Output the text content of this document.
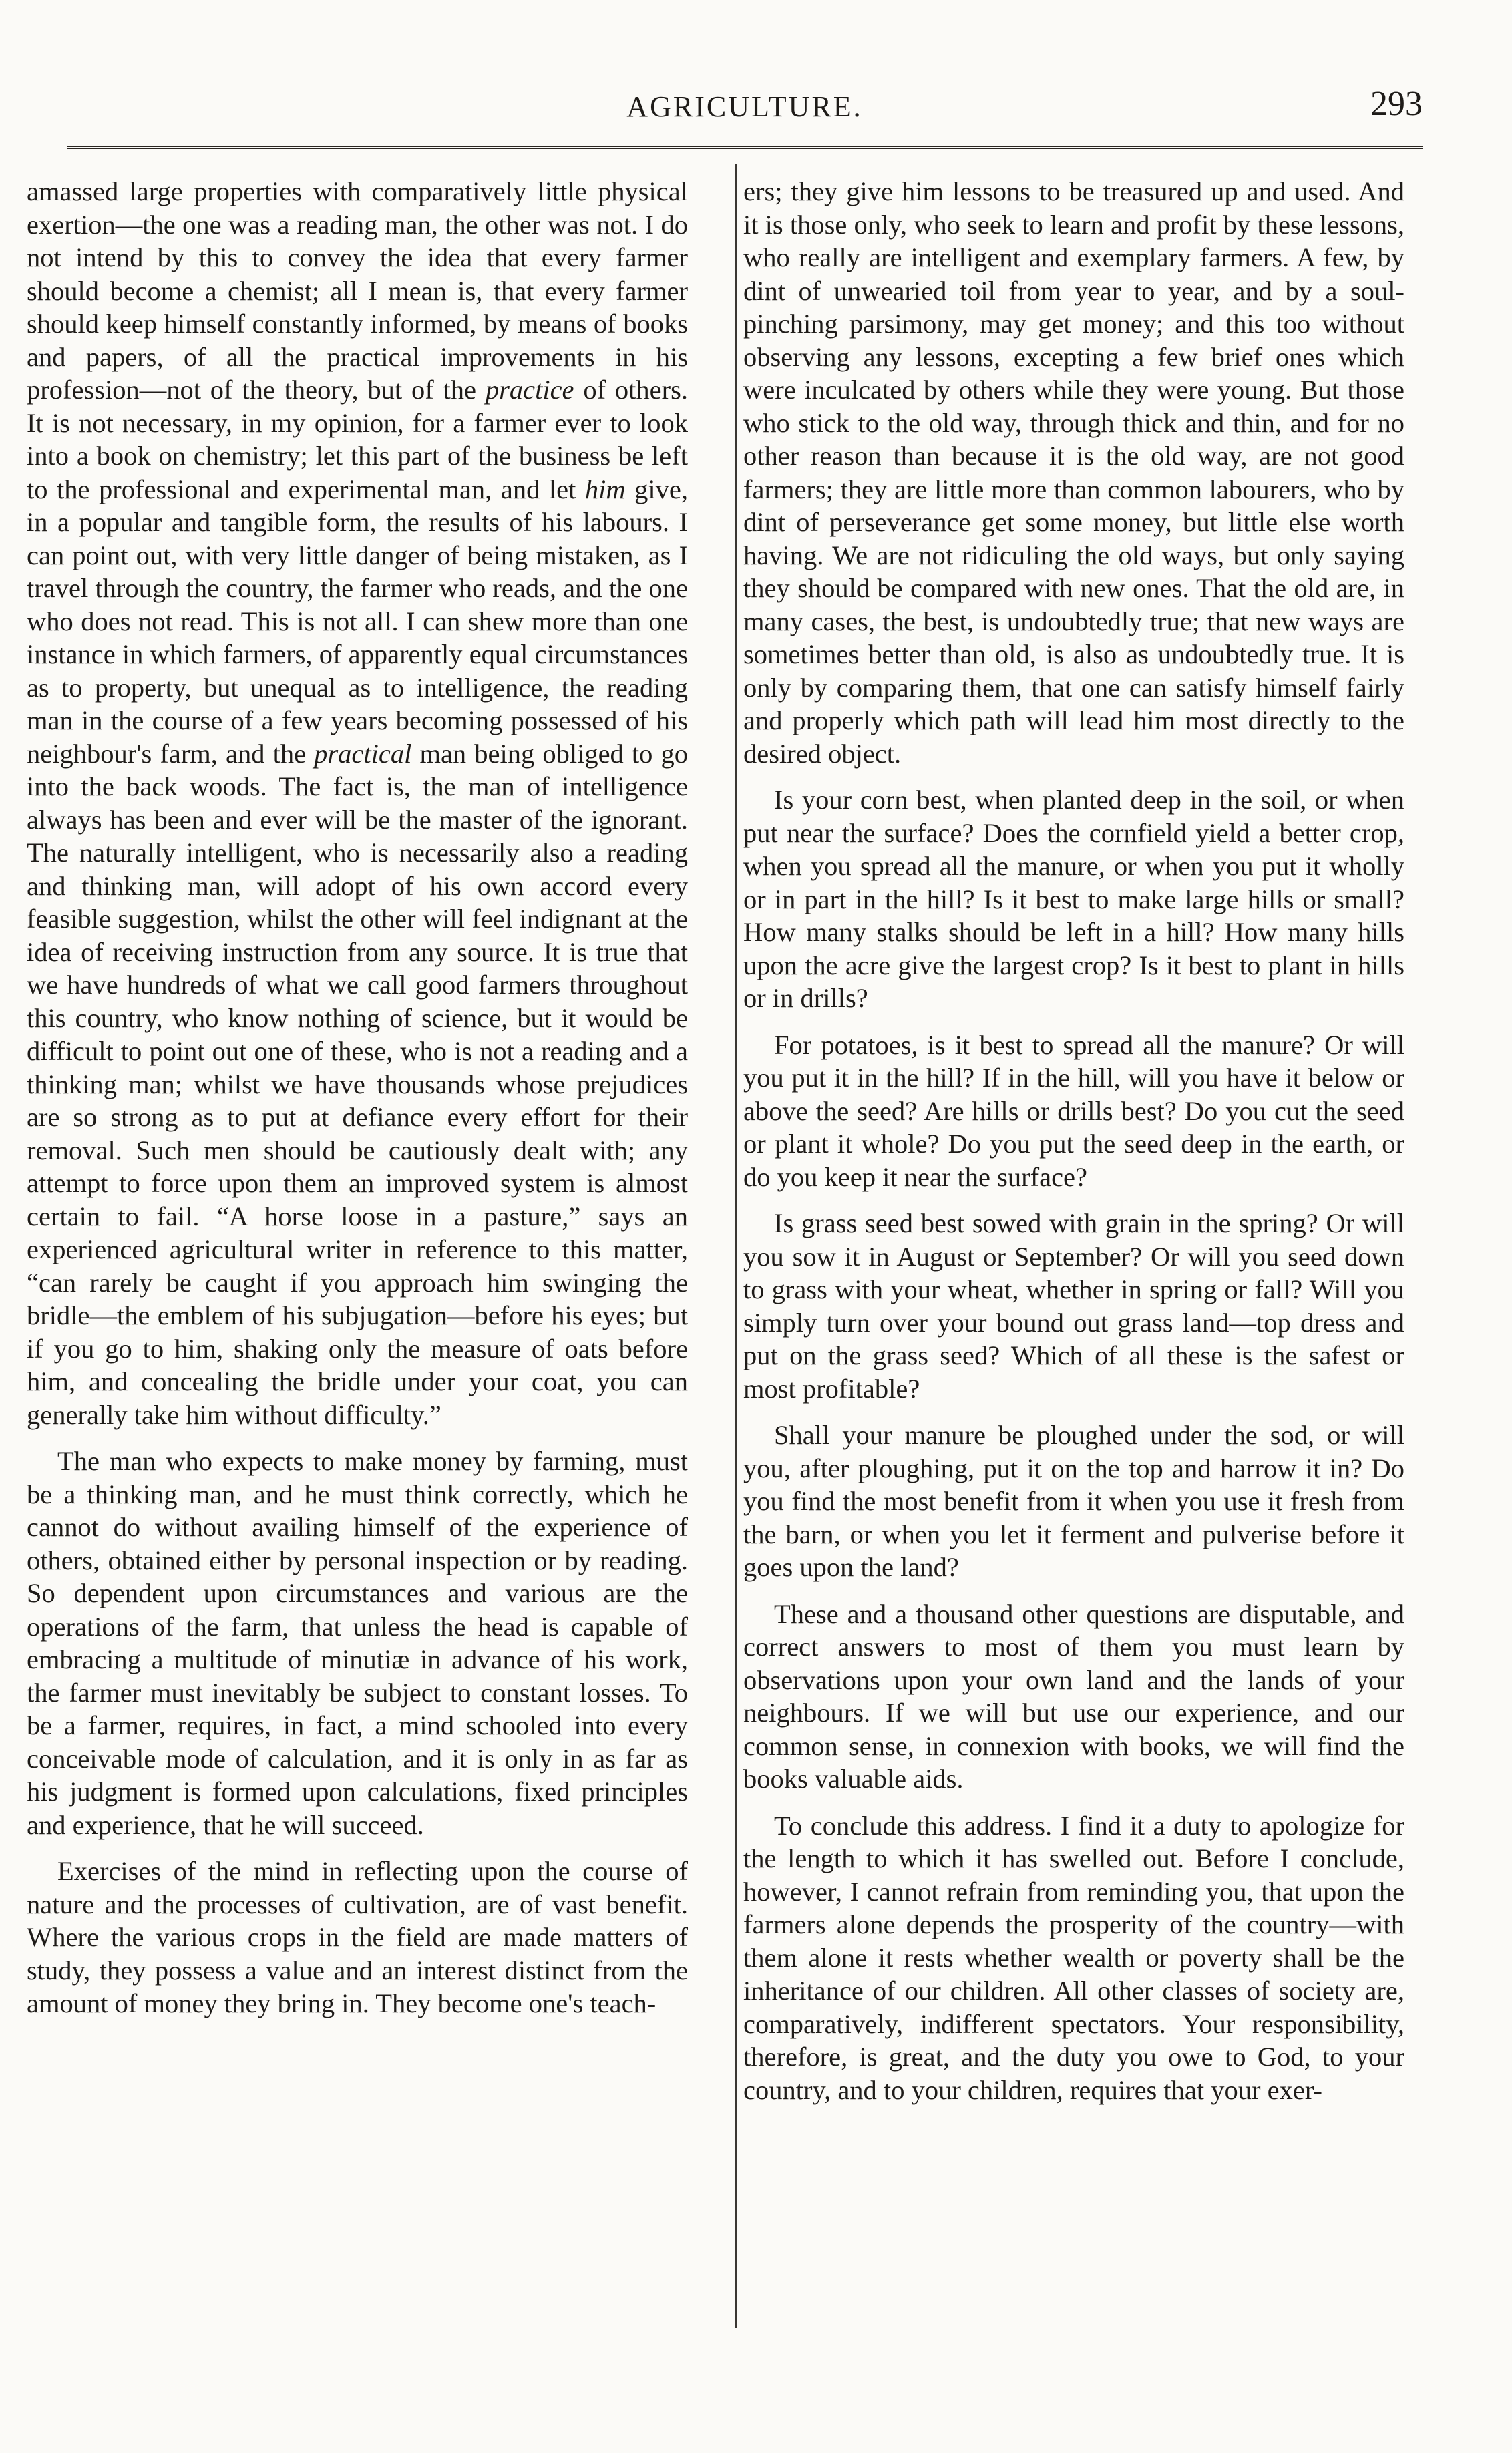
AGRICULTURE.	293

amassed large properties with comparatively little physical exertion—the one was a reading man, the other was not. I do not intend by this to convey the idea that every farmer should become a chemist; all I mean is, that every farmer should keep himself constantly informed, by means of books and papers, of all the practical improvements in his profession—not of the theory, but of the practice of others. It is not necessary, in my opinion, for a farmer ever to look into a book on chemistry; let this part of the business be left to the professional and experimental man, and let him give, in a popular and tangible form, the results of his labours. I can point out, with very little danger of being mistaken, as I travel through the country, the farmer who reads, and the one who does not read. This is not all. I can shew more than one instance in which farmers, of apparently equal circumstances as to property, but unequal as to intelligence, the reading man in the course of a few years becoming possessed of his neighbour's farm, and the practical man being obliged to go into the back woods. The fact is, the man of intelligence always has been and ever will be the master of the ignorant. The naturally intelligent, who is necessarily also a reading and thinking man, will adopt of his own accord every feasible suggestion, whilst the other will feel indignant at the idea of receiving instruction from any source. It is true that we have hundreds of what we call good farmers throughout this country, who know nothing of science, but it would be difficult to point out one of these, who is not a reading and a thinking man; whilst we have thousands whose prejudices are so strong as to put at defiance every effort for their removal. Such men should be cautiously dealt with; any attempt to force upon them an improved system is almost certain to fail. “A horse loose in a pasture,” says an experienced agricultural writer in reference to this matter, “can rarely be caught if you approach him swinging the bridle—the emblem of his subjugation—before his eyes; but if you go to him, shaking only the measure of oats before him, and concealing the bridle under your coat, you can generally take him without difficulty.”

The man who expects to make money by farming, must be a thinking man, and he must think correctly, which he cannot do without availing himself of the experience of others, obtained either by personal inspection or by reading. So dependent upon circumstances and various are the operations of the farm, that unless the head is capable of embracing a multitude of minutiæ in advance of his work, the farmer must inevitably be subject to constant losses. To be a farmer, requires, in fact, a mind schooled into every conceivable mode of calculation, and it is only in as far as his judgment is formed upon calculations, fixed principles and experience, that he will succeed.

Exercises of the mind in reflecting upon the course of nature and the processes of cultivation, are of vast benefit. Where the various crops in the field are made matters of study, they possess a value and an interest distinct from the amount of money they bring in. They become one's teach-

ers; they give him lessons to be treasured up and used. And it is those only, who seek to learn and profit by these lessons, who really are intelligent and exemplary farmers. A few, by dint of unwearied toil from year to year, and by a soul-pinching parsimony, may get money; and this too without observing any lessons, excepting a few brief ones which were inculcated by others while they were young. But those who stick to the old way, through thick and thin, and for no other reason than because it is the old way, are not good farmers; they are little more than common labourers, who by dint of perseverance get some money, but little else worth having. We are not ridiculing the old ways, but only saying they should be compared with new ones. That the old are, in many cases, the best, is undoubtedly true; that new ways are sometimes better than old, is also as undoubtedly true. It is only by comparing them, that one can satisfy himself fairly and properly which path will lead him most directly to the desired object.

Is your corn best, when planted deep in the soil, or when put near the surface? Does the cornfield yield a better crop, when you spread all the manure, or when you put it wholly or in part in the hill? Is it best to make large hills or small? How many stalks should be left in a hill? How many hills upon the acre give the largest crop? Is it best to plant in hills or in drills?

For potatoes, is it best to spread all the manure? Or will you put it in the hill? If in the hill, will you have it below or above the seed? Are hills or drills best? Do you cut the seed or plant it whole? Do you put the seed deep in the earth, or do you keep it near the surface?

Is grass seed best sowed with grain in the spring? Or will you sow it in August or September? Or will you seed down to grass with your wheat, whether in spring or fall? Will you simply turn over your bound out grass land—top dress and put on the grass seed? Which of all these is the safest or most profitable?

Shall your manure be ploughed under the sod, or will you, after ploughing, put it on the top and harrow it in? Do you find the most benefit from it when you use it fresh from the barn, or when you let it ferment and pulverise before it goes upon the land?

These and a thousand other questions are disputable, and correct answers to most of them you must learn by observations upon your own land and the lands of your neighbours. If we will but use our experience, and our common sense, in connexion with books, we will find the books valuable aids.

To conclude this address. I find it a duty to apologize for the length to which it has swelled out. Before I conclude, however, I cannot refrain from reminding you, that upon the farmers alone depends the prosperity of the country—with them alone it rests whether wealth or poverty shall be the inheritance of our children. All other classes of society are, comparatively, indifferent spectators. Your responsibility, therefore, is great, and the duty you owe to God, to your country, and to your children, requires that your exer-
